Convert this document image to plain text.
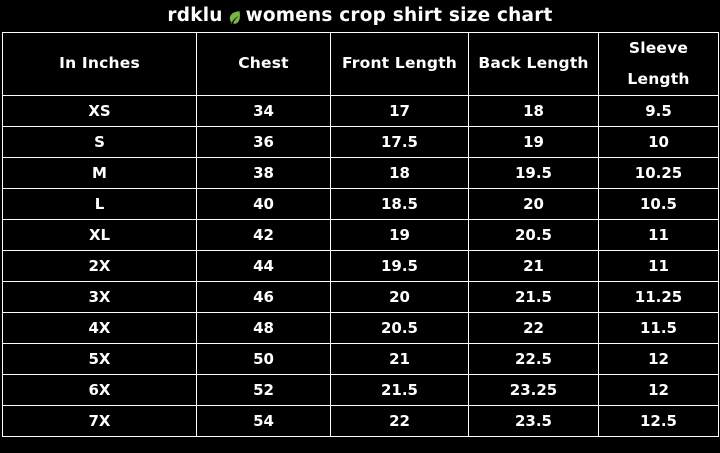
rdklu womens crop shirt size chart
In Inches	Chest	Front Length	Back Length	Sleeve Length
XS	34	17	18	9.5
S	36	17.5	19	10
M	38	18	19.5	10.25
L	40	18.5	20	10.5
XL	42	19	20.5	11
2X	44	19.5	21	11
3X	46	20	21.5	11.25
4X	48	20.5	22	11.5
5X	50	21	22.5	12
6X	52	21.5	23.25	12
7X	54	22	23.5	12.5
